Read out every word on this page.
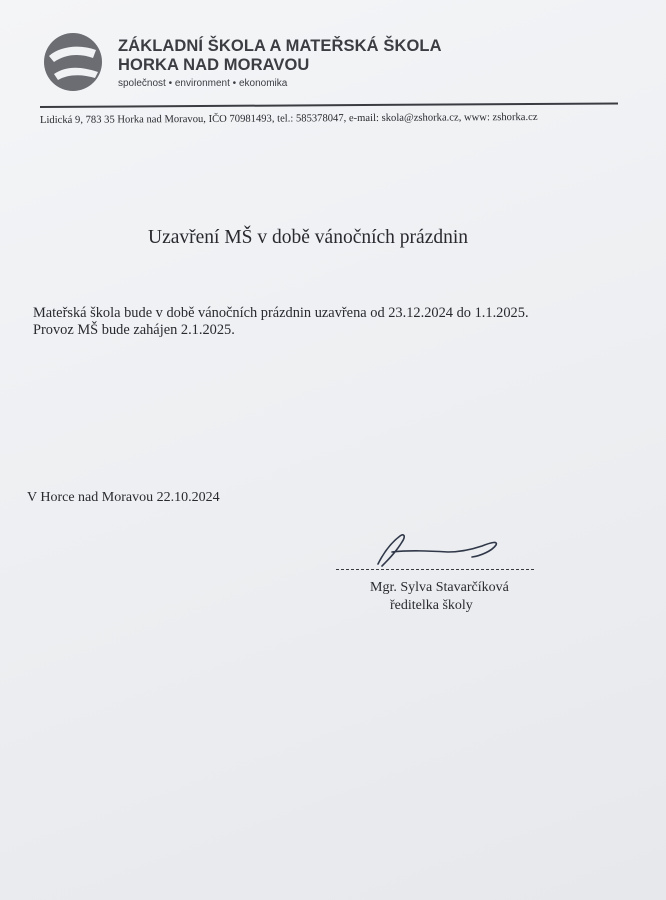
ZÁKLADNÍ ŠKOLA A MATEŘSKÁ ŠKOLA
HORKA NAD MORAVOU
společnost • environment • ekonomika
Lidická 9, 783 35 Horka nad Moravou, IČO 70981493, tel.: 585378047, e-mail: skola@zshorka.cz, www: zshorka.cz
Uzavření MŠ v době vánočních prázdnin
Mateřská škola bude v době vánočních prázdnin uzavřena od 23.12.2024 do 1.1.2025.
Provoz MŠ bude zahájen 2.1.2025.
V Horce nad Moravou 22.10.2024
Mgr. Sylva Stavarčíková
ředitelka školy
